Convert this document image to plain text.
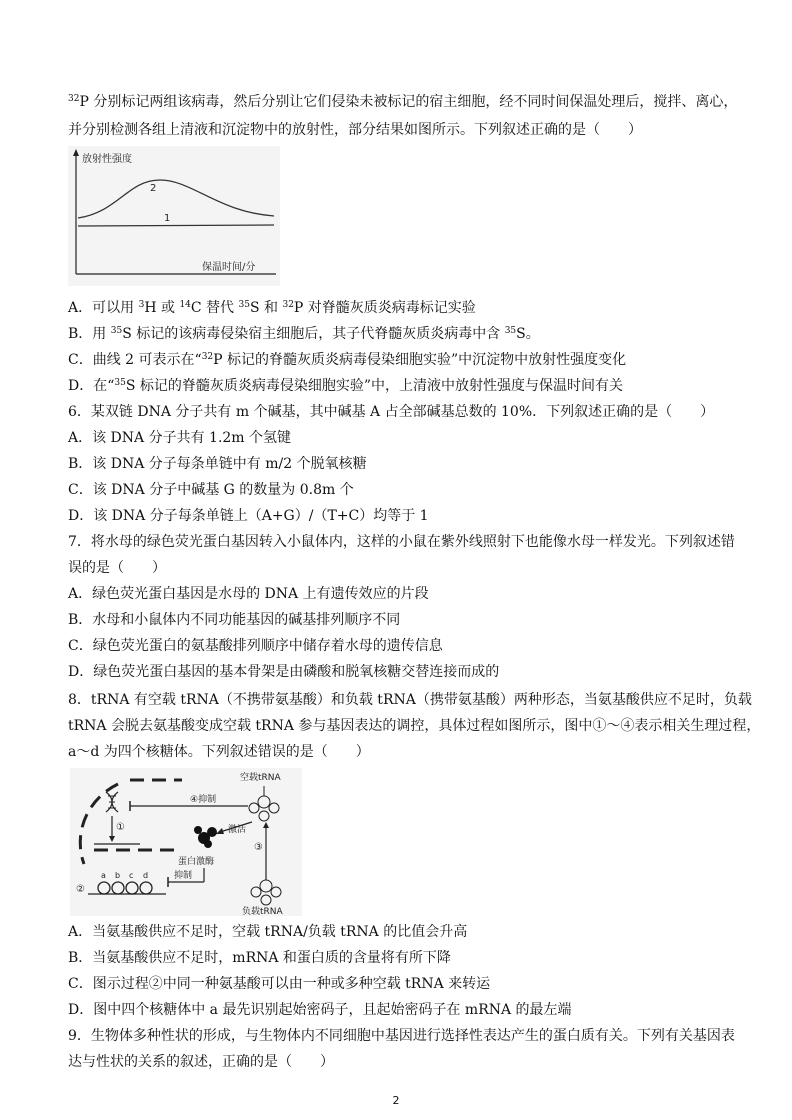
$^{32}$P 分别标记两组该病毒，然后分别让它们侵染未被标记的宿主细胞，经不同时间保温处理后，搅拌、离心，
并分别检测各组上清液和沉淀物中的放射性，部分结果如图所示。下列叙述正确的是（　　）
放射性强度
保温时间/分
2
1
A．可以用 $^3$H 或 $^{14}$C 替代 $^{35}$S 和 $^{32}$P 对脊髓灰质炎病毒标记实验
B．用 $^{35}$S 标记的该病毒侵染宿主细胞后，其子代脊髓灰质炎病毒中含 $^{35}$S。
C．曲线 2 可表示在“$^{32}$P 标记的脊髓灰质炎病毒侵染细胞实验”中沉淀物中放射性强度变化
D．在“$^{35}$S 标记的脊髓灰质炎病毒侵染细胞实验”中，上清液中放射性强度与保温时间有关
6．某双链 DNA 分子共有 m 个碱基，其中碱基 A 占全部碱基总数的 10%．下列叙述正确的是（　　）
A．该 DNA 分子共有 1.2m 个氢键
B．该 DNA 分子每条单链中有 m/2 个脱氧核糖
C．该 DNA 分子中碱基 G 的数量为 0.8m 个
D．该 DNA 分子每条单链上（A+G）/（T+C）均等于 1
7．将水母的绿色荧光蛋白基因转入小鼠体内，这样的小鼠在紫外线照射下也能像水母一样发光。下列叙述错
误的是（　　）
A．绿色荧光蛋白基因是水母的 DNA 上有遗传效应的片段
B．水母和小鼠体内不同功能基因的碱基排列顺序不同
C．绿色荧光蛋白的氨基酸排列顺序中储存着水母的遗传信息
D．绿色荧光蛋白基因的基本骨架是由磷酸和脱氧核糖交替连接而成的
8．tRNA 有空载 tRNA（不携带氨基酸）和负载 tRNA（携带氨基酸）两种形态，当氨基酸供应不足时，负载
tRNA 会脱去氨基酸变成空载 tRNA 参与基因表达的调控，具体过程如图所示，图中①～④表示相关生理过程，
a～d 为四个核糖体。下列叙述错误的是（　　）
①
④抑制
空载tRNA
激活
蛋白激酶
③
抑制
②
a b c d
负载tRNA
A．当氨基酸供应不足时，空载 tRNA/负载 tRNA 的比值会升高
B．当氨基酸供应不足时，mRNA 和蛋白质的含量将有所下降
C．图示过程②中同一种氨基酸可以由一种或多种空载 tRNA 来转运
D．图中四个核糖体中 a 最先识别起始密码子，且起始密码子在 mRNA 的最左端
9．生物体多种性状的形成，与生物体内不同细胞中基因进行选择性表达产生的蛋白质有关。下列有关基因表
达与性状的关系的叙述，正确的是（　　）
2
